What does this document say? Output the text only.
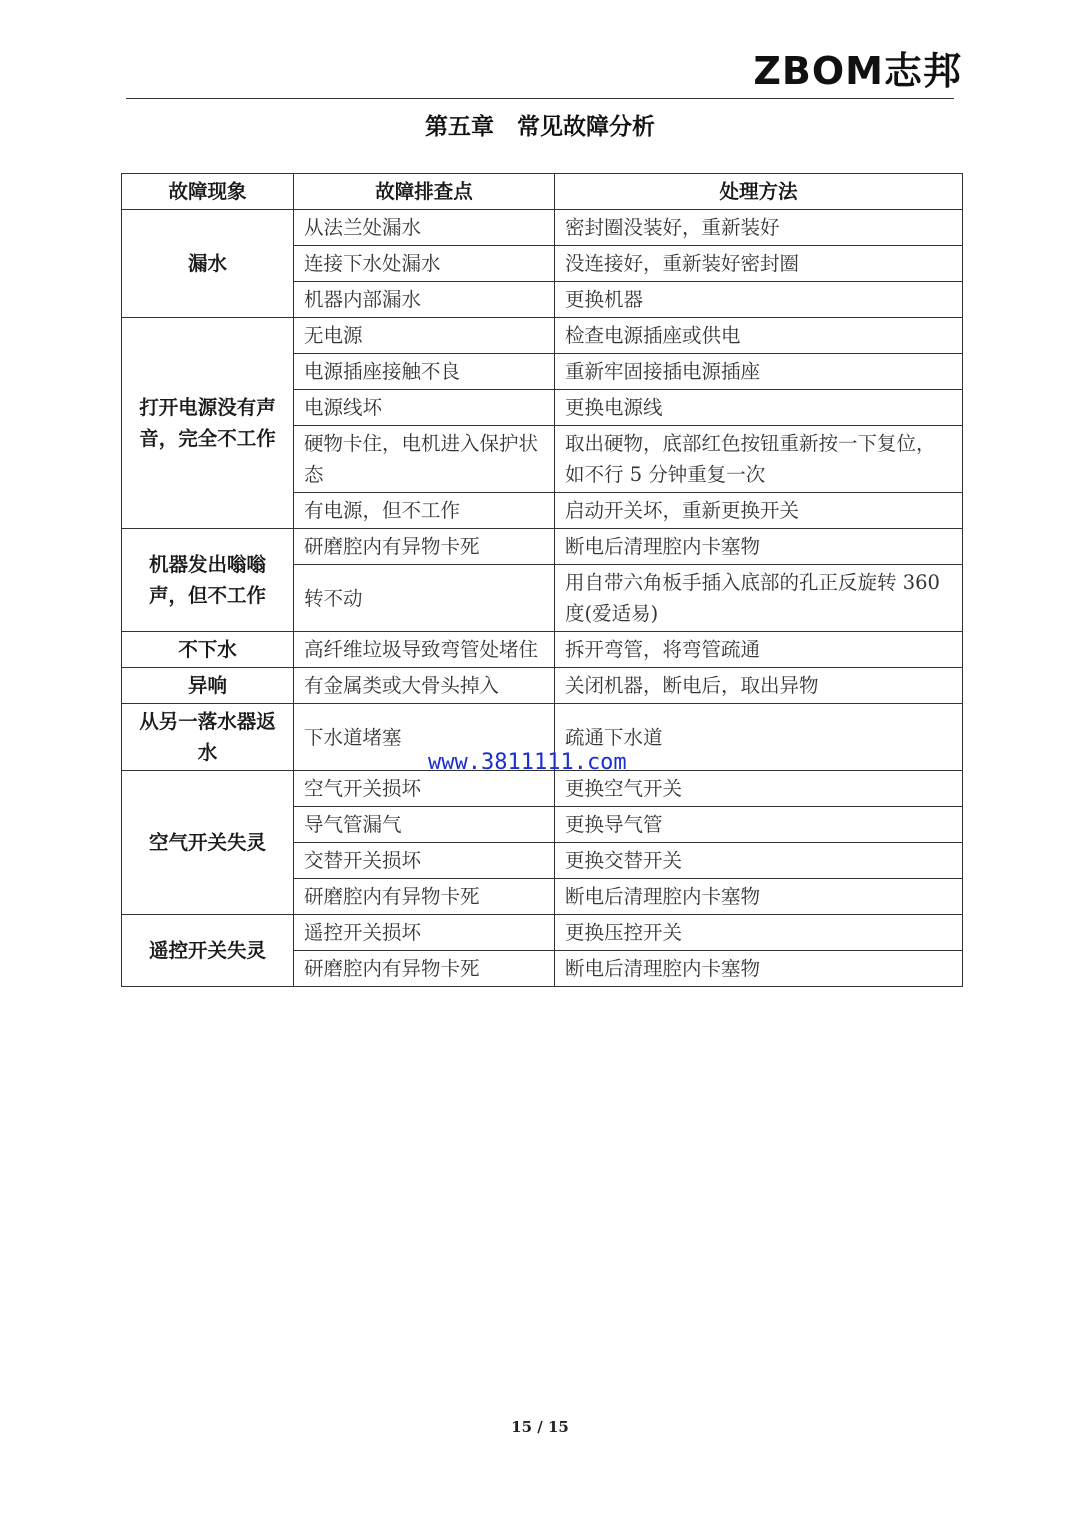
ZBOM志邦
第五章　常见故障分析
故障现象	故障排查点	处理方法
漏水	从法兰处漏水	密封圈没装好，重新装好
	连接下水处漏水	没连接好，重新装好密封圈
	机器内部漏水	更换机器
打开电源没有声音，完全不工作	无电源	检查电源插座或供电
	电源插座接触不良	重新牢固接插电源插座
	电源线坏	更换电源线
	硬物卡住，电机进入保护状态	取出硬物，底部红色按钮重新按一下复位，如不行 5 分钟重复一次
	有电源，但不工作	启动开关坏，重新更换开关
机器发出嗡嗡声，但不工作	研磨腔内有异物卡死	断电后清理腔内卡塞物
	转不动	用自带六角板手插入底部的孔正反旋转 360 度(爱适易)
不下水	高纤维垃圾导致弯管处堵住	拆开弯管，将弯管疏通
异响	有金属类或大骨头掉入	关闭机器，断电后，取出异物
从另一落水器返水	下水道堵塞	疏通下水道
空气开关失灵	空气开关损坏	更换空气开关
	导气管漏气	更换导气管
	交替开关损坏	更换交替开关
	研磨腔内有异物卡死	断电后清理腔内卡塞物
遥控开关失灵	遥控开关损坏	更换压控开关
	研磨腔内有异物卡死	断电后清理腔内卡塞物
www.3811111.com
15 / 15
